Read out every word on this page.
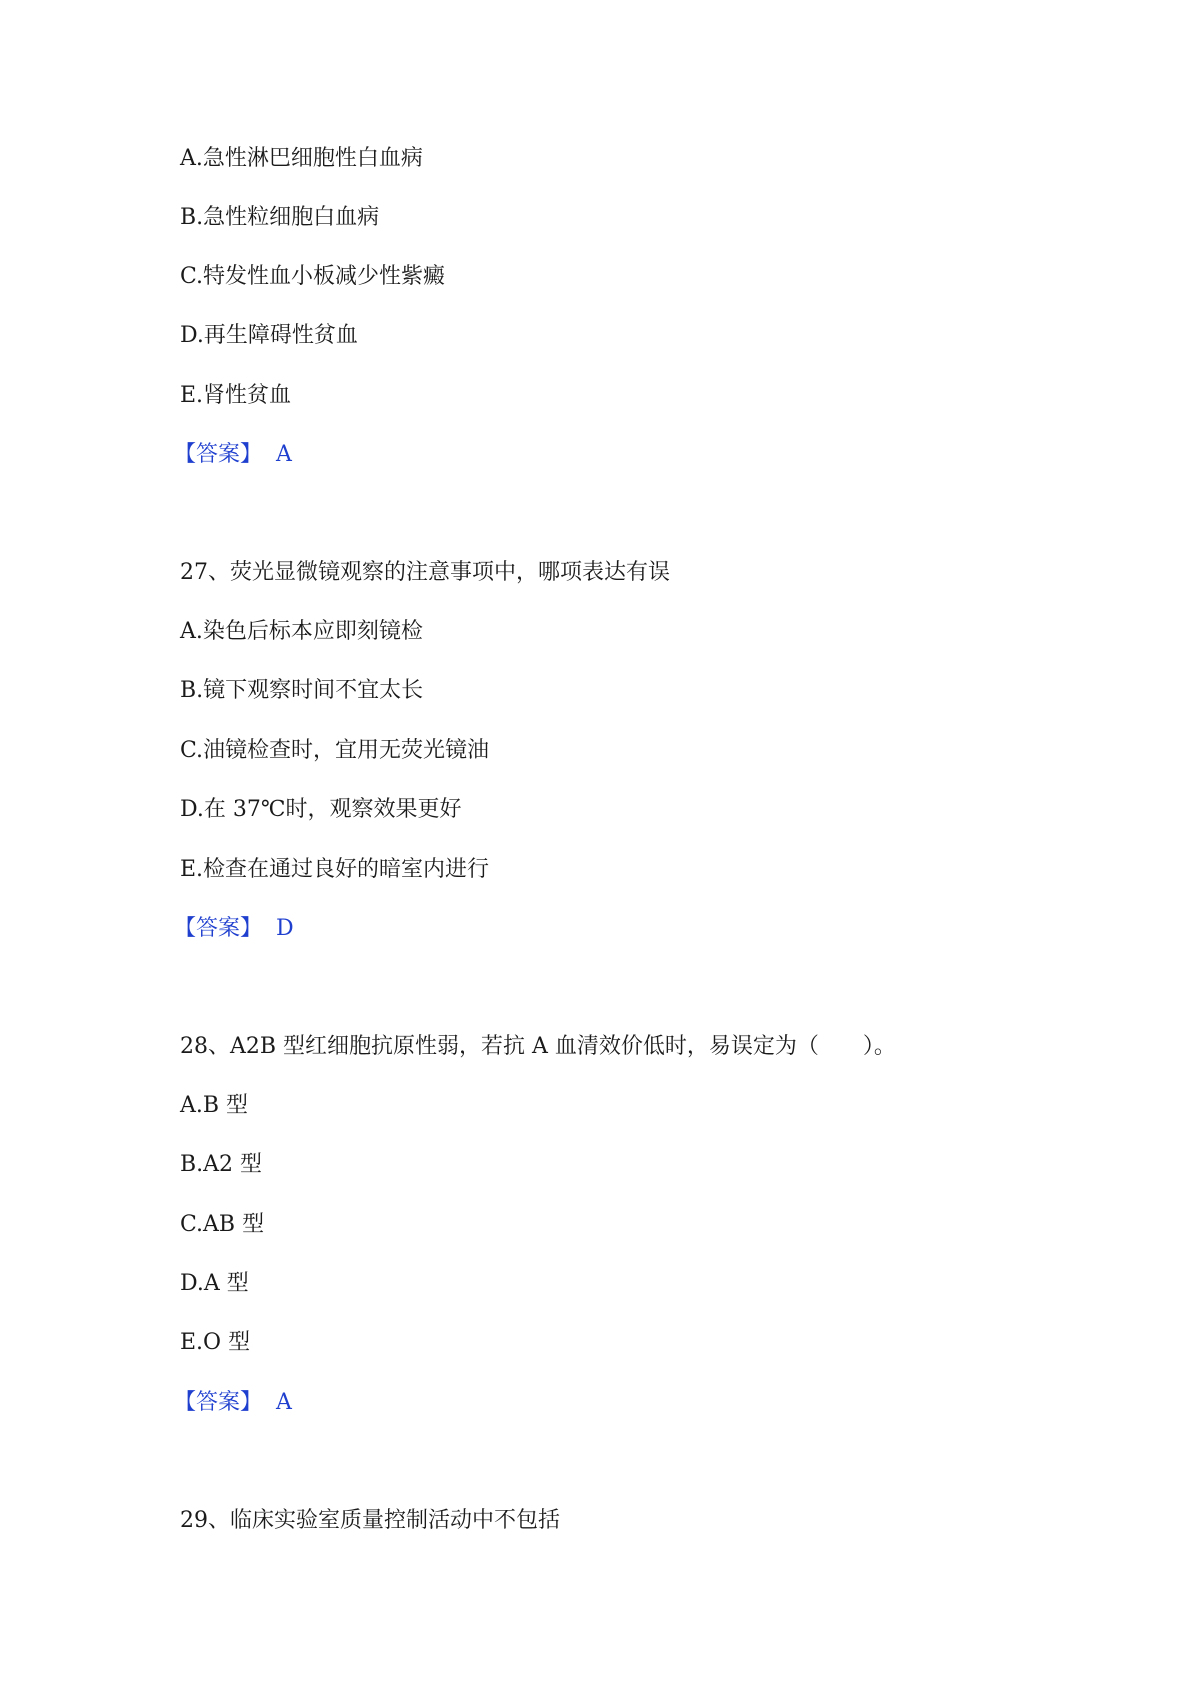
A.急性淋巴细胞性白血病
B.急性粒细胞白血病
C.特发性血小板减少性紫癜
D.再生障碍性贫血
E.肾性贫血
【答案】 A
27、荧光显微镜观察的注意事项中，哪项表达有误
A.染色后标本应即刻镜检
B.镜下观察时间不宜太长
C.油镜检查时，宜用无荧光镜油
D.在 37℃时，观察效果更好
E.检查在通过良好的暗室内进行
【答案】 D
28、A2B 型红细胞抗原性弱，若抗 A 血清效价低时，易误定为（　　）。
A.B 型
B.A2 型
C.AB 型
D.A 型
E.O 型
【答案】 A
29、临床实验室质量控制活动中不包括
